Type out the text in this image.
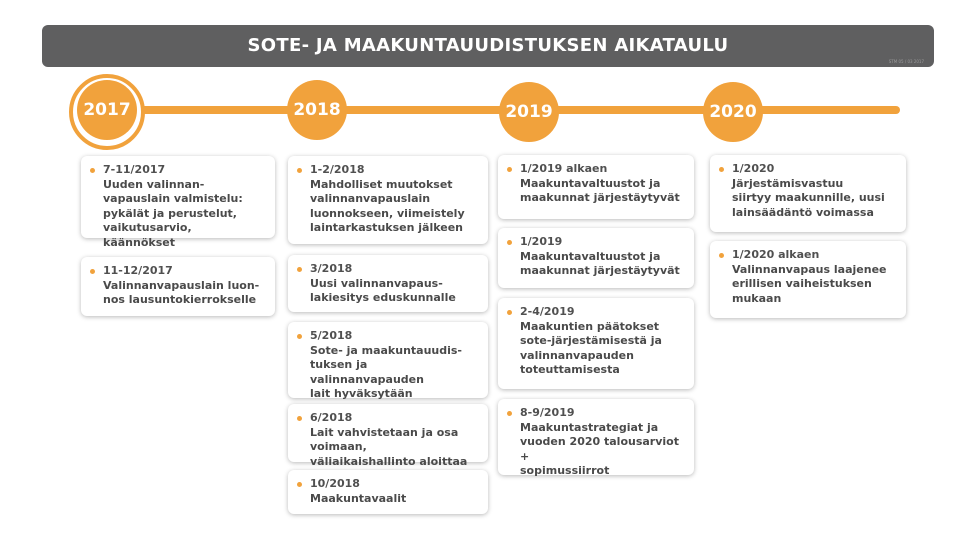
SOTE- JA MAAKUNTAUUDISTUKSEN AIKATAULU
STM 05 / 03 2017
2017	2018	2019	2020
7-11/2017
Uuden valinnan-
vapauslain valmistelu:
pykälät ja perustelut,
vaikutusarvio, käännökset
11-12/2017
Valinnanvapauslain luon-
nos lausuntokierrokselle
1-2/2018
Mahdolliset muutokset
valinnanvapauslain
luonnokseen, viimeistely
laintarkastuksen jälkeen
3/2018
Uusi valinnanvapaus-
lakiesitys eduskunnalle
5/2018
Sote- ja maakuntauudis-
tuksen ja valinnanvapauden
lait hyväksytään
6/2018
Lait vahvistetaan ja osa voimaan,
väliaikaishallinto aloittaa
10/2018
Maakuntavaalit
1/2019 alkaen
Maakuntavaltuustot ja
maakunnat järjestäytyvät
1/2019
Maakuntavaltuustot ja
maakunnat järjestäytyvät
2-4/2019
Maakuntien päätokset
sote-järjestämisestä ja
valinnanvapauden
toteuttamisesta
8-9/2019
Maakuntastrategiat ja
vuoden 2020 talousarviot +
sopimussiirrot
1/2020
Järjestämisvastuu
siirtyy maakunnille, uusi
lainsäädäntö voimassa
1/2020 alkaen
Valinnanvapaus laajenee
erillisen vaiheistuksen
mukaan
